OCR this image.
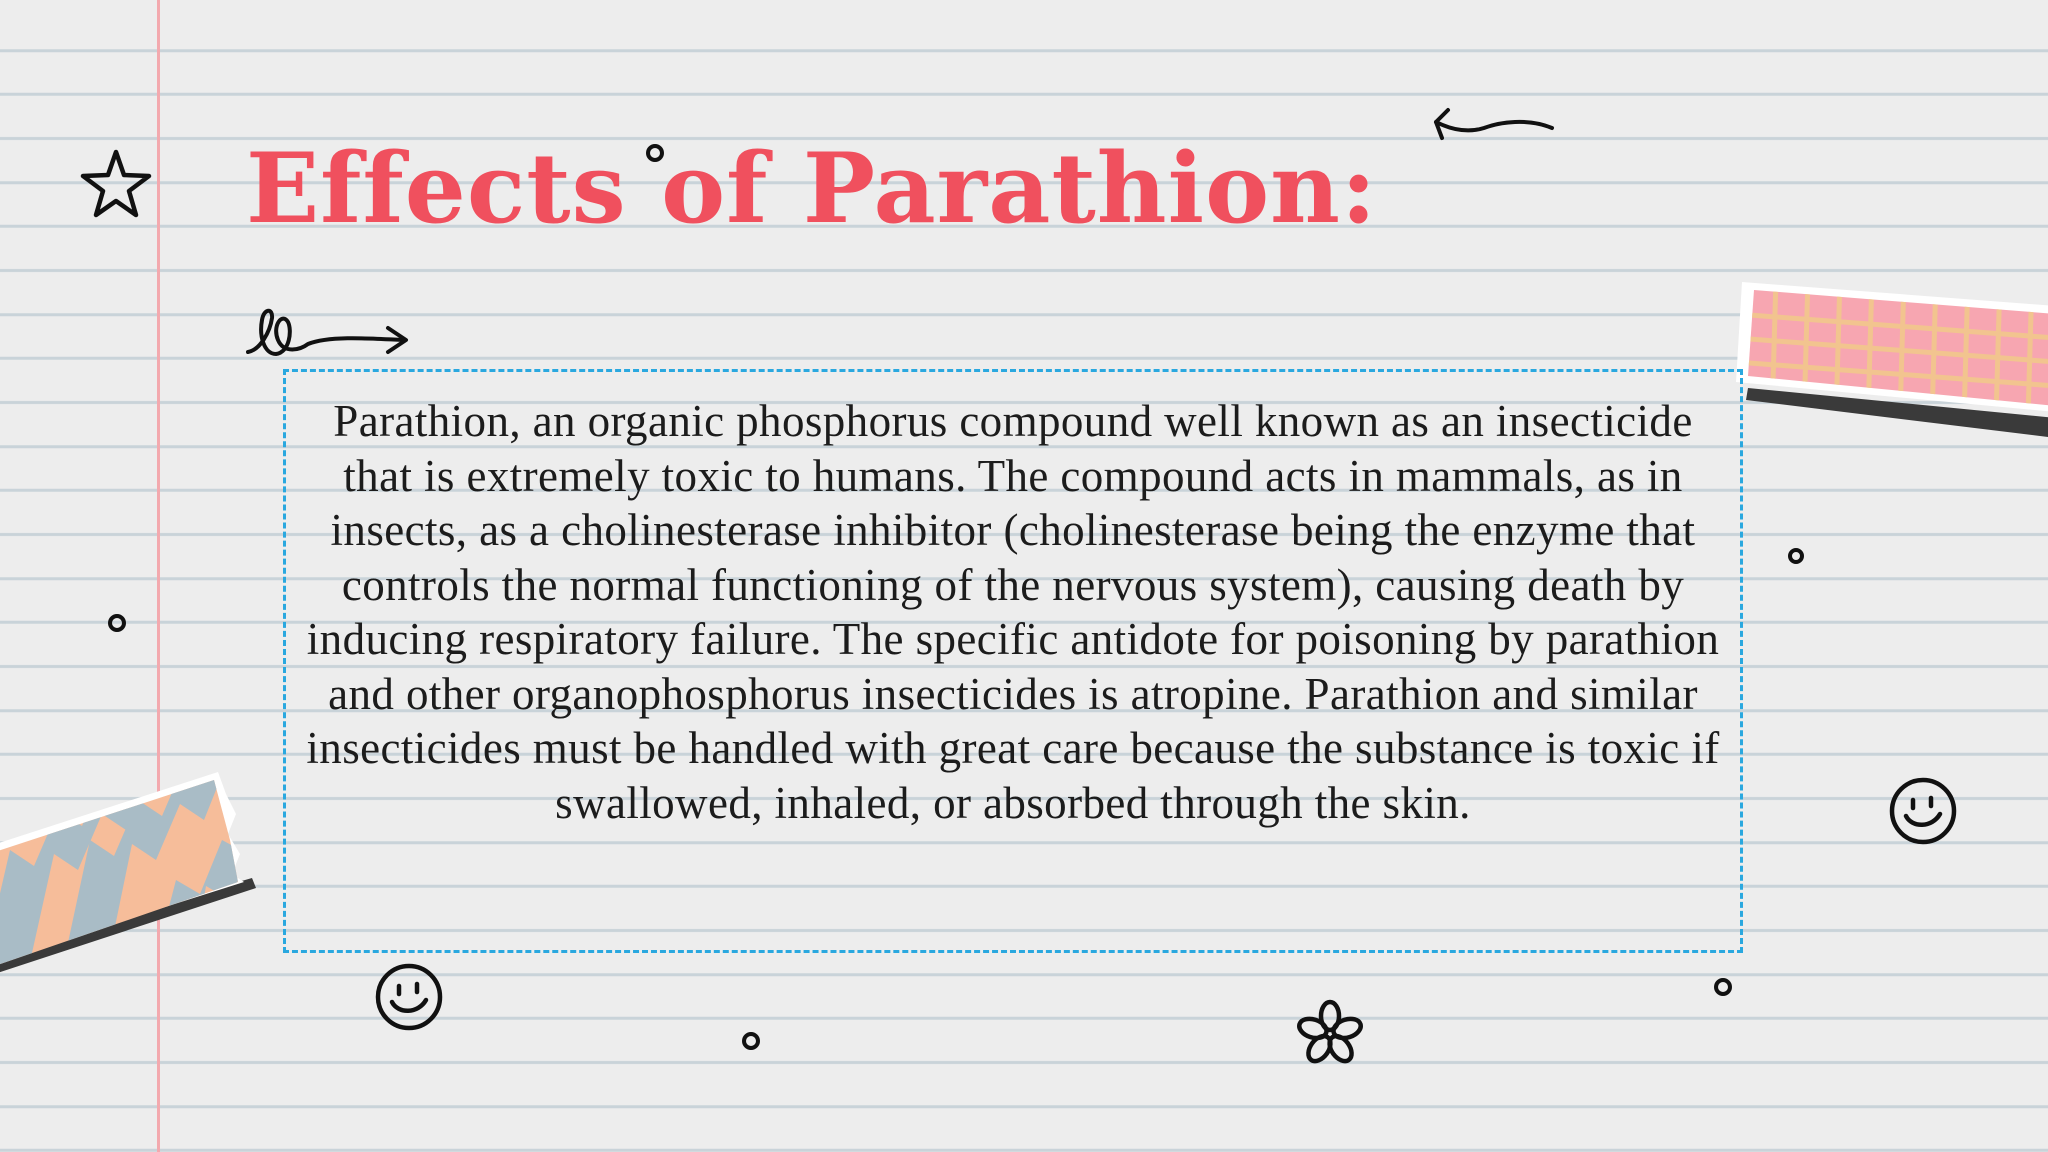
Effects of Parathion:

Parathion, an organic phosphorus compound well known as an insecticide that is extremely toxic to humans. The compound acts in mammals, as in insects, as a cholinesterase inhibitor (cholinesterase being the enzyme that controls the normal functioning of the nervous system), causing death by inducing respiratory failure. The specific antidote for poisoning by parathion and other organophosphorus insecticides is atropine. Parathion and similar insecticides must be handled with great care because the substance is toxic if swallowed, inhaled, or absorbed through the skin.
